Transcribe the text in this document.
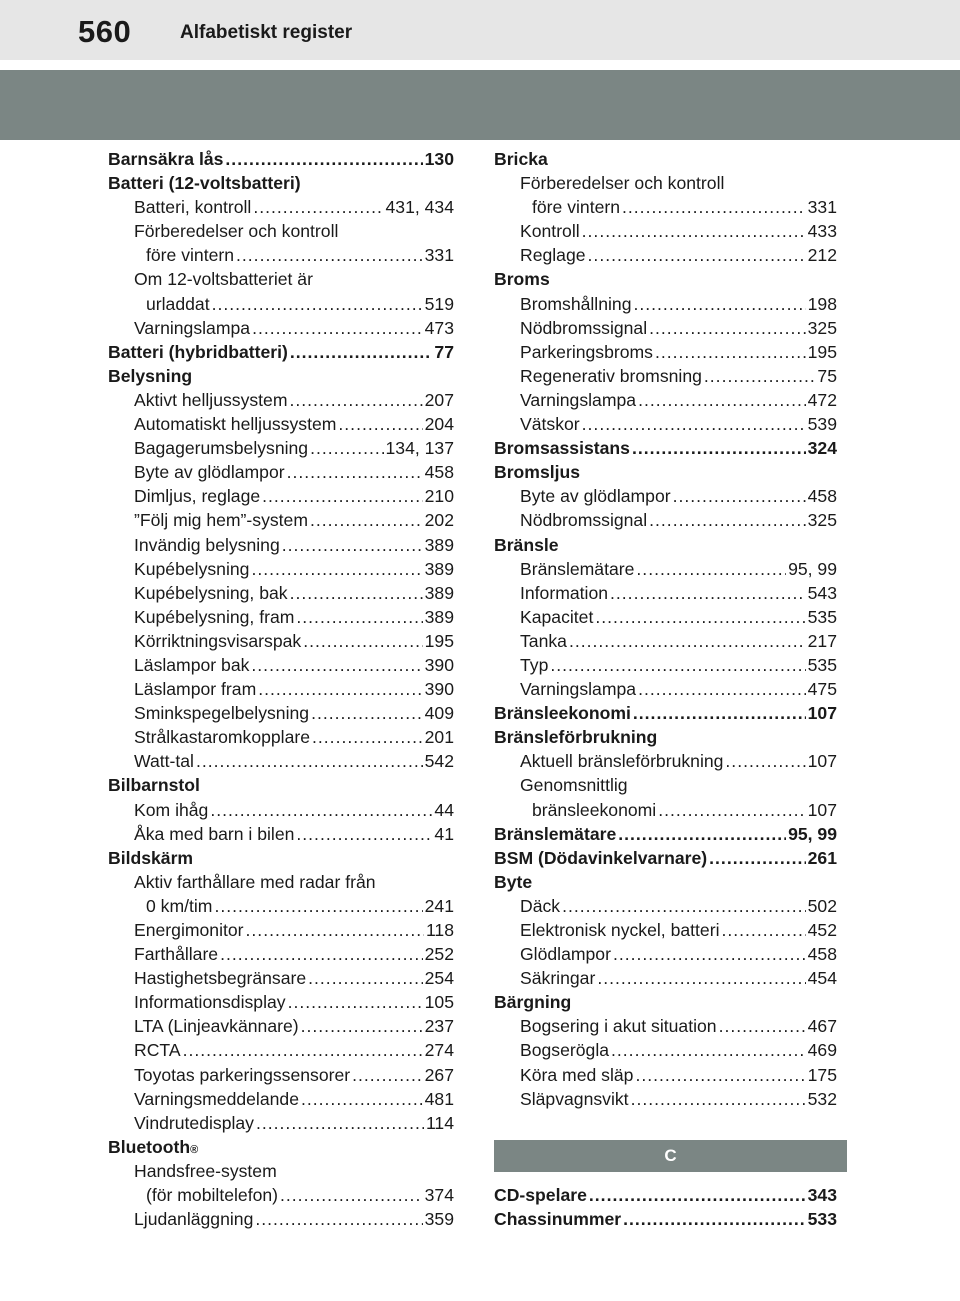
560	Alfabetiskt register
Barnsäkra lås .....	130
Batteri (12-voltsbatteri)
Batteri, kontroll .....	431, 434
Förberedelser och kontroll
före vintern .....	331
Om 12-voltsbatteriet är
urladdat .....	519
Varningslampa .....	473
Batteri (hybridbatteri) .....	77
Belysning
Aktivt helljussystem .....	207
Automatiskt helljussystem .....	204
Bagagerumsbelysning .....	134, 137
Byte av glödlampor .....	458
Dimljus, reglage .....	210
”Följ mig hem”-system .....	202
Invändig belysning .....	389
Kupébelysning .....	389
Kupébelysning, bak .....	389
Kupébelysning, fram .....	389
Körriktningsvisarspak .....	195
Läslampor bak .....	390
Läslampor fram .....	390
Sminkspegelbelysning .....	409
Strålkastaromkopplare .....	201
Watt-tal .....	542
Bilbarnstol
Kom ihåg .....	44
Åka med barn i bilen .....	41
Bildskärm
Aktiv farthållare med radar från
0 km/tim .....	241
Energimonitor .....	118
Farthållare .....	252
Hastighetsbegränsare .....	254
Informationsdisplay .....	105
LTA (Linjeavkännare) .....	237
RCTA .....	274
Toyotas parkeringssensorer .....	267
Varningsmeddelande .....	481
Vindrutedisplay .....	114
Bluetooth ®
Handsfree-system
(för mobiltelefon) .....	374
Ljudanläggning .....	359
Bricka
Förberedelser och kontroll
före vintern .....	331
Kontroll .....	433
Reglage .....	212
Broms
Bromshållning .....	198
Nödbromssignal .....	325
Parkeringsbroms .....	195
Regenerativ bromsning .....	75
Varningslampa .....	472
Vätskor .....	539
Bromsassistans .....	324
Bromsljus
Byte av glödlampor .....	458
Nödbromssignal .....	325
Bränsle
Bränslemätare .....	95, 99
Information .....	543
Kapacitet .....	535
Tanka .....	217
Typ .....	535
Varningslampa .....	475
Bränsleekonomi .....	107
Bränsleförbrukning
Aktuell bränsleförbrukning .....	107
Genomsnittlig
bränsleekonomi .....	107
Bränslemätare .....	95, 99
BSM (Dödavinkelvarnare) .....	261
Byte
Däck .....	502
Elektronisk nyckel, batteri .....	452
Glödlampor .....	458
Säkringar .....	454
Bärgning
Bogsering i akut situation .....	467
Bogserögla .....	469
Köra med släp .....	175
Släpvagnsvikt .....	532
C
CD-spelare .....	343
Chassinummer .....	533
